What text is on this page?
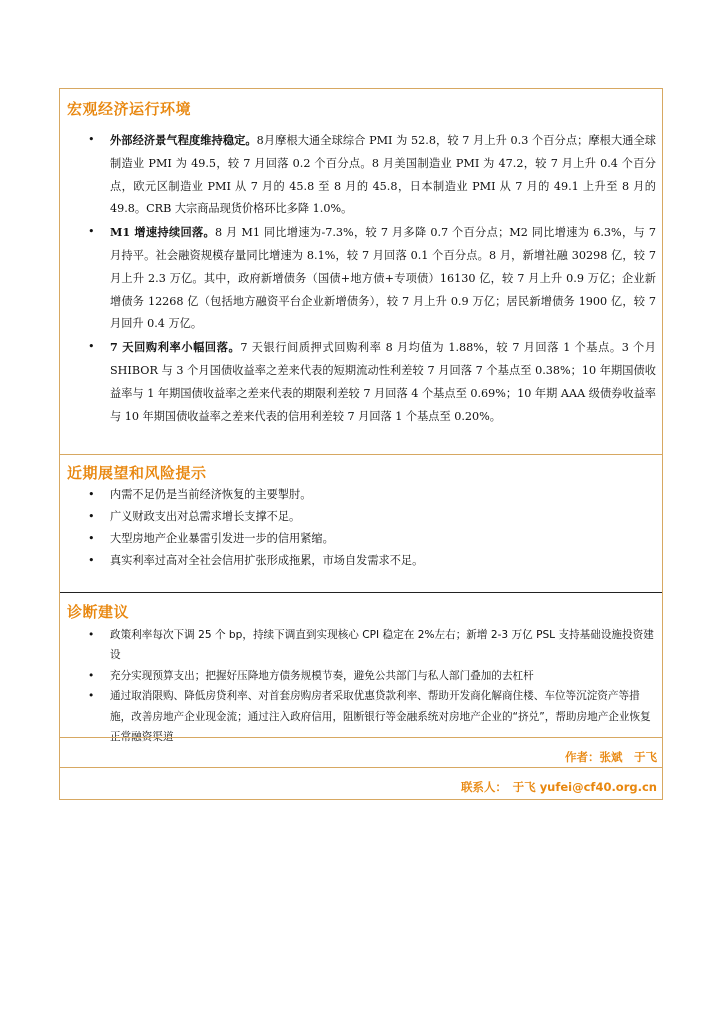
宏观经济运行环境
• 外部经济景气程度维持稳定。8月摩根大通全球综合 PMI 为 52.8，较 7 月上升 0.3 个百分点；摩根大通全球制造业 PMI 为 49.5，较 7 月回落 0.2 个百分点。8 月美国制造业 PMI 为 47.2，较 7 月上升 0.4 个百分点，欧元区制造业 PMI 从 7 月的 45.8 至 8 月的 45.8，日本制造业 PMI 从 7 月的 49.1 上升至 8 月的 49.8。CRB 大宗商品现货价格环比多降 1.0%。
• M1 增速持续回落。8 月 M1 同比增速为-7.3%，较 7 月多降 0.7 个百分点；M2 同比增速为 6.3%，与 7 月持平。社会融资规模存量同比增速为 8.1%，较 7 月回落 0.1 个百分点。8 月，新增社融 30298 亿，较 7 月上升 2.3 万亿。其中，政府新增债务（国债+地方债+专项债）16130 亿，较 7 月上升 0.9 万亿；企业新增债务 12268 亿（包括地方融资平台企业新增债务），较 7 月上升 0.9 万亿；居民新增债务 1900 亿，较 7 月回升 0.4 万亿。
• 7 天回购利率小幅回落。7 天银行间质押式回购利率 8 月均值为 1.88%，较 7 月回落 1 个基点。3 个月 SHIBOR 与 3 个月国债收益率之差来代表的短期流动性利差较 7 月回落 7 个基点至 0.38%；10 年期国债收益率与 1 年期国债收益率之差来代表的期限利差较 7 月回落 4 个基点至 0.69%；10 年期 AAA 级债券收益率与 10 年期国债收益率之差来代表的信用利差较 7 月回落 1 个基点至 0.20%。
近期展望和风险提示
• 内需不足仍是当前经济恢复的主要掣肘。
• 广义财政支出对总需求增长支撑不足。
• 大型房地产企业暴雷引发进一步的信用紧缩。
• 真实利率过高对全社会信用扩张形成拖累，市场自发需求不足。
诊断建议
• 政策利率每次下调 25 个 bp，持续下调直到实现核心 CPI 稳定在 2%左右；新增 2-3 万亿 PSL 支持基础设施投资建设
• 充分实现预算支出；把握好压降地方债务规模节奏，避免公共部门与私人部门叠加的去杠杆
• 通过取消限购、降低房贷利率、对首套房购房者采取优惠贷款利率、帮助开发商化解商住楼、车位等沉淀资产等措施，改善房地产企业现金流；通过注入政府信用，阻断银行等金融系统对房地产企业的“挤兑”，帮助房地产企业恢复正常融资渠道
作者：张斌　于飞
联系人：　于飞 yufei@cf40.org.cn
